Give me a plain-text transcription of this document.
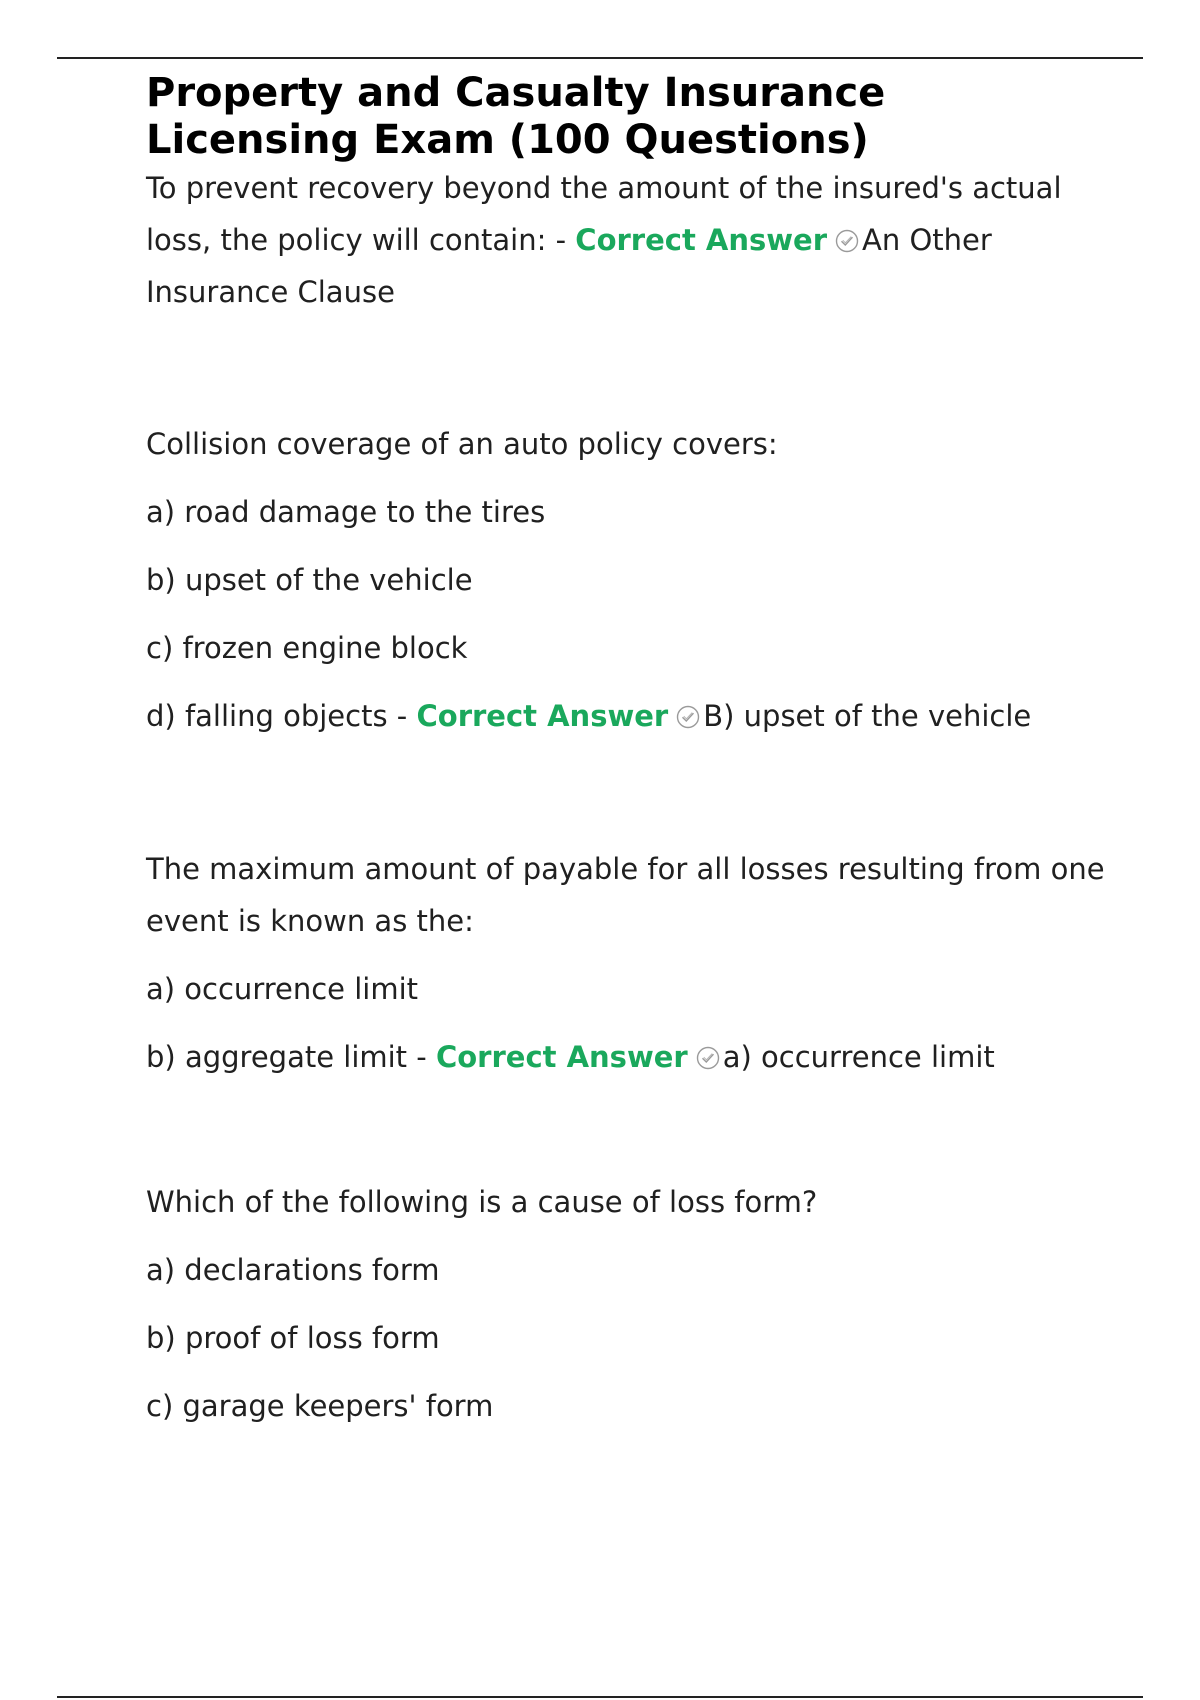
Property and Casualty Insurance
Licensing Exam (100 Questions)

To prevent recovery beyond the amount of the insured's actual loss, the policy will contain: - Correct Answer An Other Insurance Clause

Collision coverage of an auto policy covers:

a) road damage to the tires

b) upset of the vehicle

c) frozen engine block

d) falling objects - Correct Answer B) upset of the vehicle

The maximum amount of payable for all losses resulting from one event is known as the:

a) occurrence limit

b) aggregate limit - Correct Answer a) occurrence limit

Which of the following is a cause of loss form?

a) declarations form

b) proof of loss form

c) garage keepers' form
